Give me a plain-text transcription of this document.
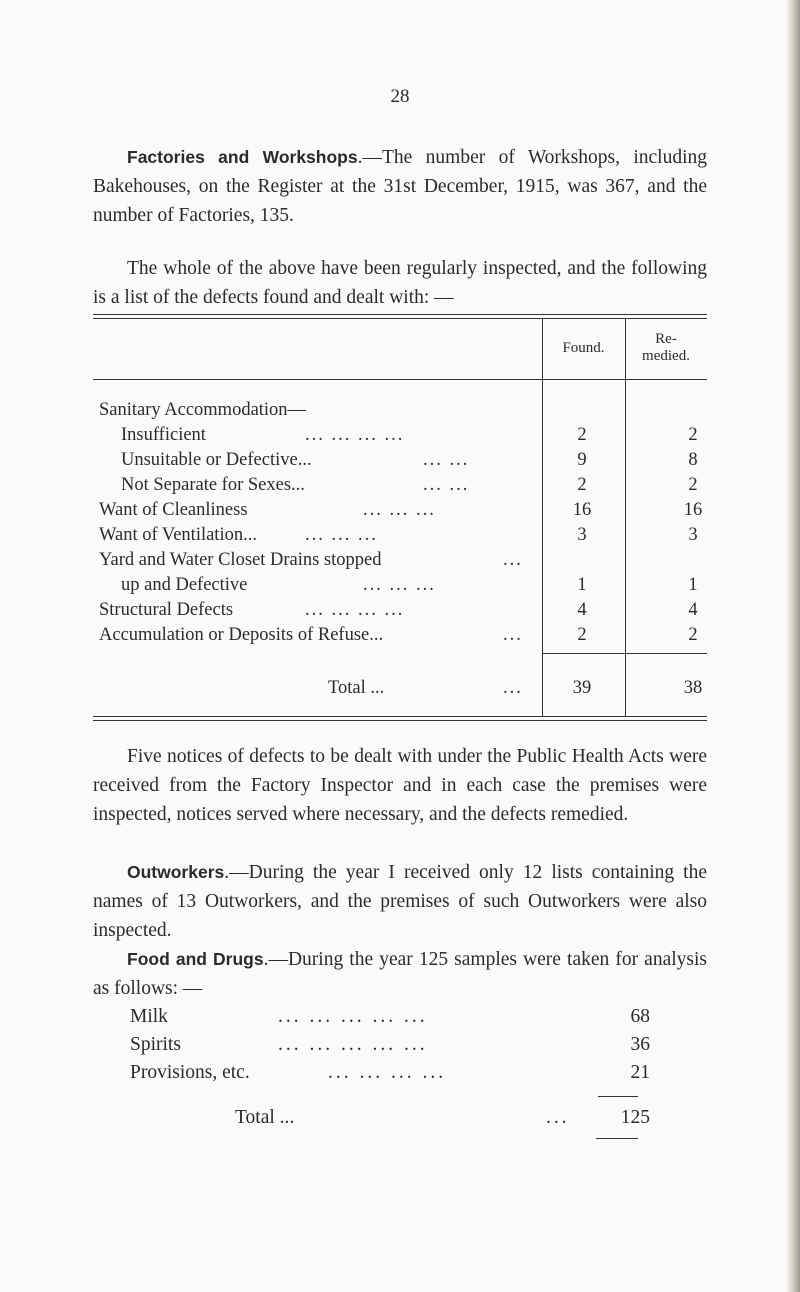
28
Factories and Workshops.—The number of Workshops, including Bakehouses, on the Register at the 31st December, 1915, was 367, and the number of Factories, 135.
The whole of the above have been regularly inspected, and the following is a list of the defects found and dealt with: —
Found.
Re- medied.
Sanitary Accommodation—
Insufficient	... ... ... ...	2	2
Unsuitable or Defective...	... ...	9	8
Not Separate for Sexes...	... ...	2	2
Want of Cleanliness	... ... ...	16	16
Want of Ventilation...	... ... ...	3	3
Yard and Water Closet Drains stopped	...
up and Defective	... ... ...	1	1
Structural Defects	... ... ... ...	4	4
Accumulation or Deposits of Refuse...	...	2	2
Total ...	...	39	38
Five notices of defects to be dealt with under the Public Health Acts were received from the Factory Inspector and in each case the premises were inspected, notices served where necessary, and the defects remedied.
Outworkers.—During the year I received only 12 lists containing the names of 13 Outworkers, and the premises of such Outworkers were also inspected.
Food and Drugs.—During the year 125 samples were taken for analysis as follows: —
Milk	... ... ... ... ...	68
Spirits	... ... ... ... ...	36
Provisions, etc.	... ... ... ...	21
Total ...	...	125
